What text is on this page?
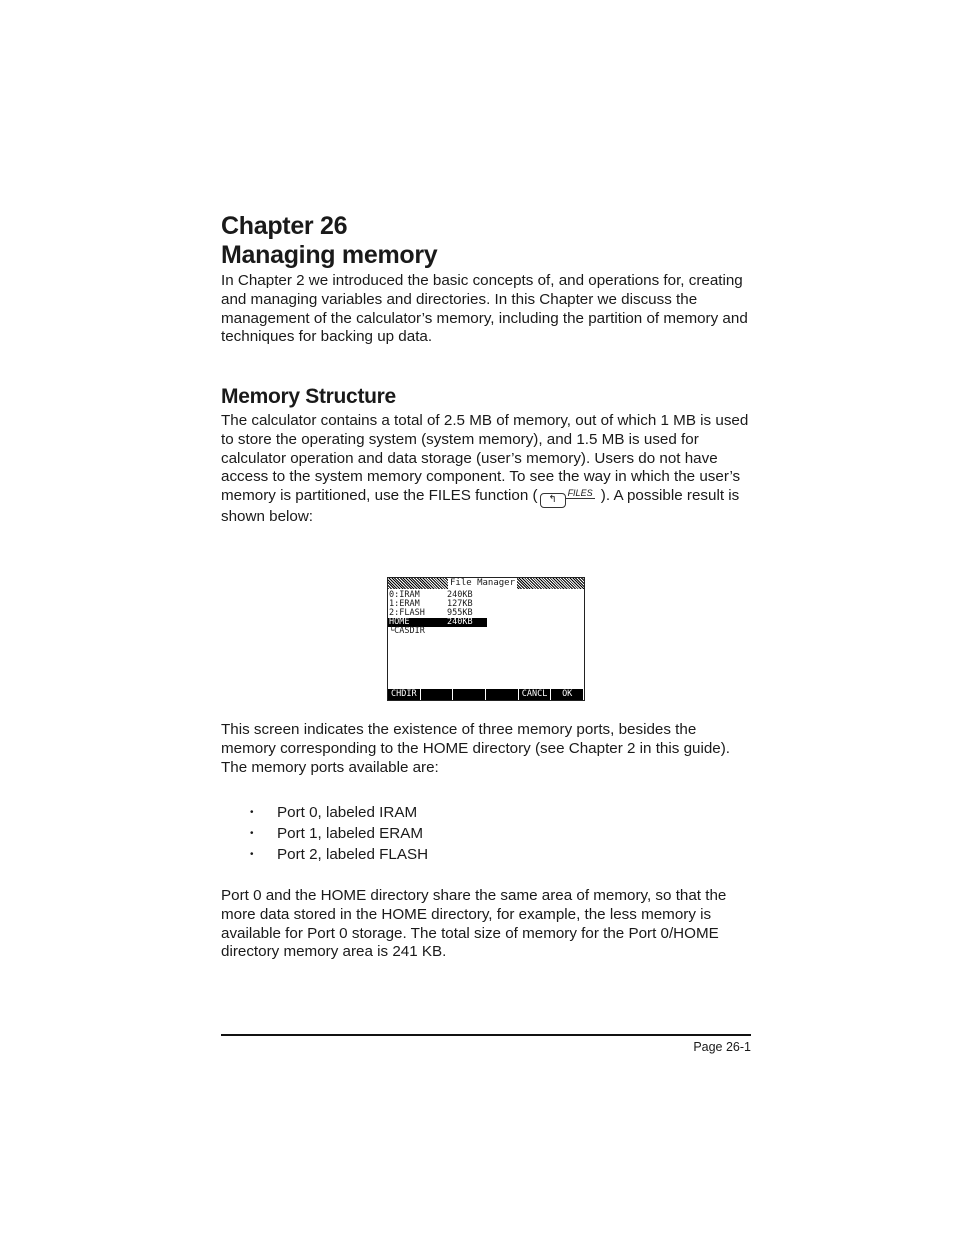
Chapter 26
Managing memory

In Chapter 2 we introduced the basic concepts of, and operations for, creating and managing variables and directories. In this Chapter we discuss the management of the calculator’s memory, including the partition of memory and techniques for backing up data.

Memory Structure

The calculator contains a total of 2.5 MB of memory, out of which 1 MB is used to store the operating system (system memory), and 1.5 MB is used for calculator operation and data storage (user’s memory). Users do not have access to the system memory component. To see the way in which the user’s memory is partitioned, use the FILES function ( ↰FILES ). A possible result is shown below:

This screen indicates the existence of three memory ports, besides the memory corresponding to the HOME directory (see Chapter 2 in this guide). The memory ports available are:

• Port 0, labeled IRAM
• Port 1, labeled ERAM
• Port 2, labeled FLASH

Port 0 and the HOME directory share the same area of memory, so that the more data stored in the HOME directory, for example, the less memory is available for Port 0 storage. The total size of memory for the Port 0/HOME directory memory area is 241 KB.

File Manager
0:IRAM	240KB
1:ERAM	127KB
2:FLASH	955KB
HOME	240KB
└CASDIR
CHDIR	CANCL	OK
Page 26-1
